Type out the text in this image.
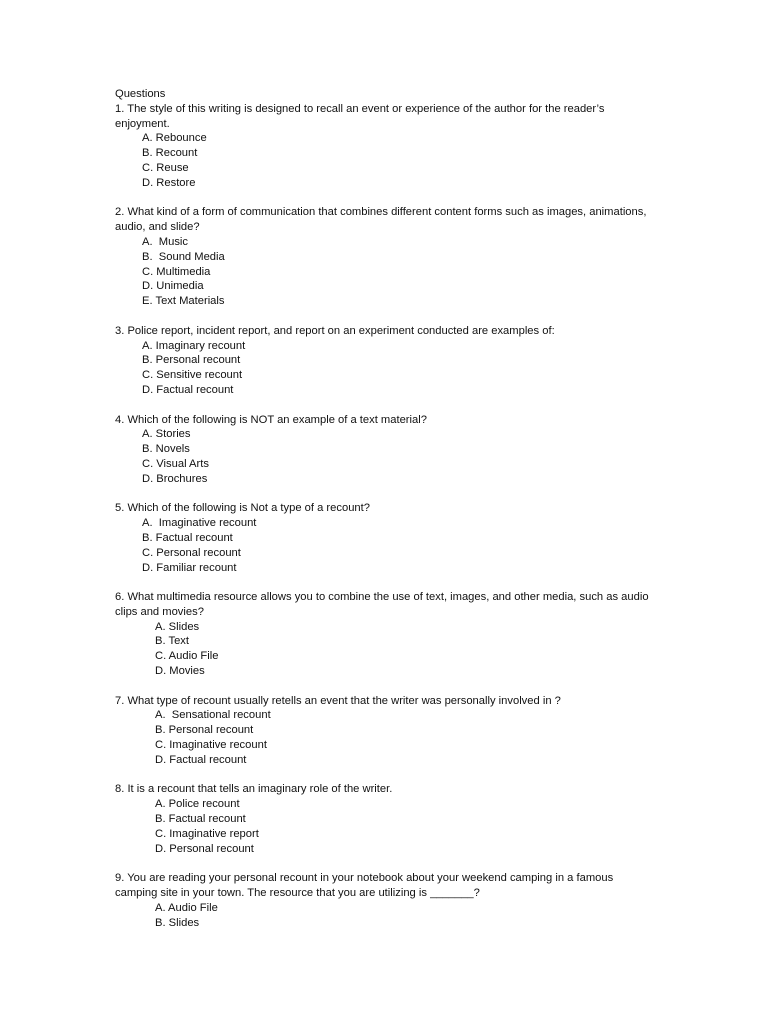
Questions
1. The style of this writing is designed to recall an event or experience of the author for the reader’s enjoyment.
A. Rebounce
B. Recount
C. Reuse
D. Restore
2. What kind of a form of communication that combines different content forms such as images, animations, audio, and slide?
A.  Music
B.  Sound Media
C. Multimedia
D. Unimedia
E. Text Materials
3. Police report, incident report, and report on an experiment conducted are examples of:
A. Imaginary recount
B. Personal recount
C. Sensitive recount
D. Factual recount
4. Which of the following is NOT an example of a text material?
A. Stories
B. Novels
C. Visual Arts
D. Brochures
5. Which of the following is Not a type of a recount?
A.  Imaginative recount
B. Factual recount
C. Personal recount
D. Familiar recount
6. What multimedia resource allows you to combine the use of text, images, and other media, such as audio clips and movies?
A. Slides
B. Text
C. Audio File
D. Movies
7. What type of recount usually retells an event that the writer was personally involved in ?
A.  Sensational recount
B. Personal recount
C. Imaginative recount
D. Factual recount
8. It is a recount that tells an imaginary role of the writer.
A. Police recount
B. Factual recount
C. Imaginative report
D. Personal recount
9. You are reading your personal recount in your notebook about your weekend camping in a famous camping site in your town. The resource that you are utilizing is _______?
A. Audio File
B. Slides
